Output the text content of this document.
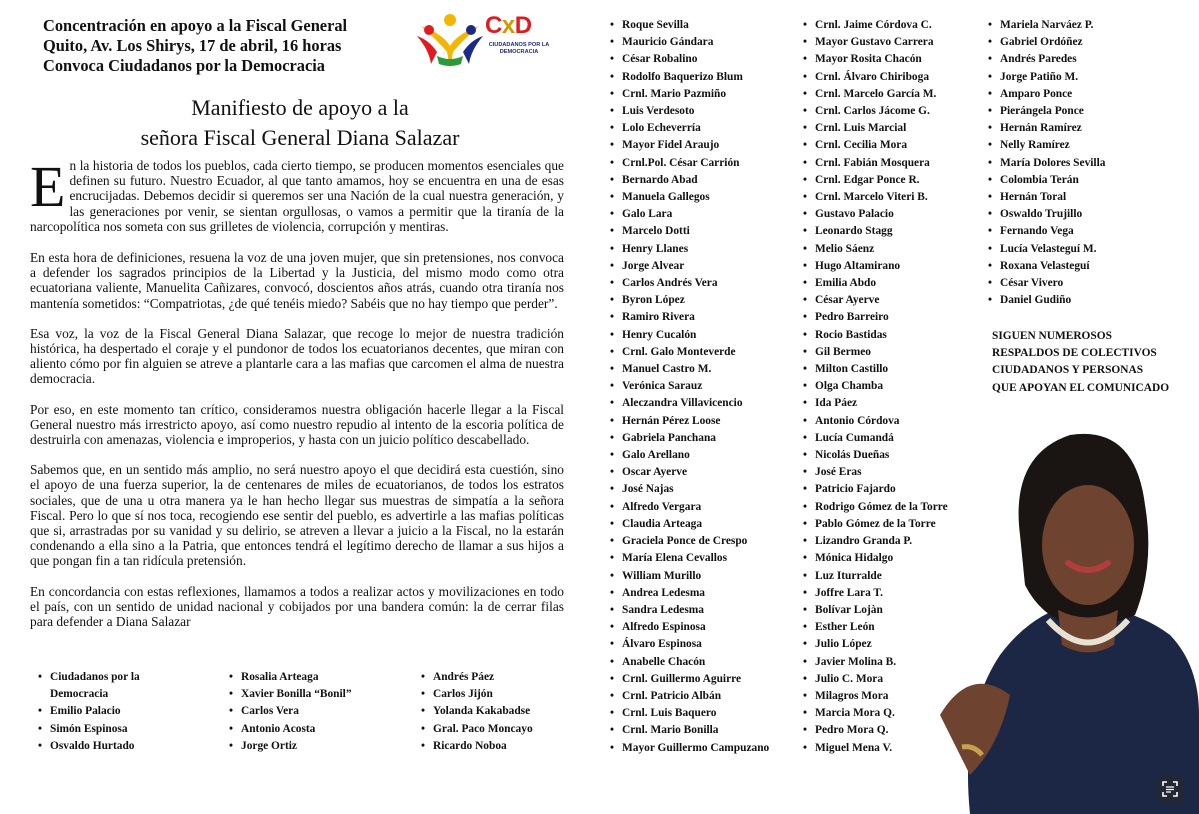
Concentración en apoyo a la Fiscal General
Quito, Av. Los Shirys, 17 de abril, 16 horas
Convoca Ciudadanos por la Democracia
CxD
CIUDADANOS POR LA DEMOCRACIA
Manifiesto de apoyo a la
señora Fiscal General Diana Salazar

En la historia de todos los pueblos, cada cierto tiempo, se producen momentos esenciales que definen su futuro. Nuestro Ecuador, al que tanto amamos, hoy se encuentra en una de esas encrucijadas. Debemos decidir si queremos ser una Nación de la cual nuestra generación, y las generaciones por venir, se sientan orgullosas, o vamos a permitir que la tiranía de la narcopolítica nos someta con sus grilletes de violencia, corrupción y mentiras.

En esta hora de definiciones, resuena la voz de una joven mujer, que sin pretensiones, nos convoca a defender los sagrados principios de la Libertad y la Justicia, del mismo modo como otra ecuatoriana valiente, Manuelita Cañizares, convocó, doscientos años atrás, cuando otra tiranía nos mantenía sometidos: “Compatriotas, ¿de qué tenéis miedo? Sabéis que no hay tiempo que perder”.

Esa voz, la voz de la Fiscal General Diana Salazar, que recoge lo mejor de nuestra tradición histórica, ha despertado el coraje y el pundonor de todos los ecuatorianos decentes, que miran con aliento cómo por fin alguien se atreve a plantarle cara a las mafias que carcomen el alma de nuestra democracia.

Por eso, en este momento tan crítico, consideramos nuestra obligación hacerle llegar a la Fiscal General nuestro más irrestricto apoyo, así como nuestro repudio al intento de la escoria política de destruirla con amenazas, violencia e improperios, y hasta con un juicio político descabellado.

Sabemos que, en un sentido más amplio, no será nuestro apoyo el que decidirá esta cuestión, sino el apoyo de una fuerza superior, la de centenares de miles de ecuatorianos, de todos los estratos sociales, que de una u otra manera ya le han hecho llegar sus muestras de simpatía a la señora Fiscal. Pero lo que sí nos toca, recogiendo ese sentir del pueblo, es advertirle a las mafias políticas que si, arrastradas por su vanidad y su delirio, se atreven a llevar a juicio a la Fiscal, no la estarán condenando a ella sino a la Patria, que entonces tendrá el legítimo derecho de llamar a sus hijos a que pongan fin a tan ridícula pretensión.

En concordancia con estas reflexiones, llamamos a todos a realizar actos y movilizaciones en todo el país, con un sentido de unidad nacional y cobijados por una bandera común: la de cerrar filas para defender a Diana Salazar

• Ciudadanos por la
Democracia
• Emilio Palacio
• Simón Espinosa
• Osvaldo Hurtado
• Rosalia Arteaga
• Xavier Bonilla “Bonil”
• Carlos Vera
• Antonio Acosta
• Jorge Ortiz
• Andrés Páez
• Carlos Jijón
• Yolanda Kakabadse
• Gral. Paco Moncayo
• Ricardo Noboa
• Roque Sevilla
• Mauricio Gándara
• César Robalino
• Rodolfo Baquerizo Blum
• Crnl. Mario Pazmiño
• Luis Verdesoto
• Lolo Echeverría
• Mayor Fidel Araujo
• Crnl.Pol. César Carrión
• Bernardo Abad
• Manuela Gallegos
• Galo Lara
• Marcelo Dotti
• Henry Llanes
• Jorge Alvear
• Carlos Andrés Vera
• Byron López
• Ramiro Rivera
• Henry Cucalón
• Crnl. Galo Monteverde
• Manuel Castro M.
• Verónica Sarauz
• Aleczandra Villavicencio
• Hernán Pérez Loose
• Gabriela Panchana
• Galo Arellano
• Oscar Ayerve
• José Najas
• Alfredo Vergara
• Claudia Arteaga
• Graciela Ponce de Crespo
• María Elena Cevallos
• William Murillo
• Andrea Ledesma
• Sandra Ledesma
• Alfredo Espinosa
• Álvaro Espinosa
• Anabelle Chacón
• Crnl. Guillermo Aguirre
• Crnl. Patricio Albán
• Crnl. Luis Baquero
• Crnl. Mario Bonilla
• Mayor Guillermo Campuzano
• Crnl. Jaime Córdova C.
• Mayor Gustavo Carrera
• Mayor Rosita Chacón
• Crnl. Álvaro Chiriboga
• Crnl. Marcelo García M.
• Crnl. Carlos Jácome G.
• Crnl. Luis Marcial
• Crnl. Cecilia Mora
• Crnl. Fabián Mosquera
• Crnl. Edgar Ponce R.
• Crnl. Marcelo Viteri B.
• Gustavo Palacio
• Leonardo Stagg
• Melio Sáenz
• Hugo Altamirano
• Emilia Abdo
• César Ayerve
• Pedro Barreiro
• Rocio Bastidas
• Gil Bermeo
• Milton Castillo
• Olga Chamba
• Ida Páez
• Antonio Córdova
• Lucía Cumandá
• Nicolás Dueñas
• José Eras
• Patricio Fajardo
• Rodrigo Gómez de la Torre
• Pablo Gómez de la Torre
• Lizandro Granda P.
• Mónica Hidalgo
• Luz Iturralde
• Joffre Lara T.
• Bolívar Lojàn
• Esther León
• Julio López
• Javier Molina B.
• Julio C. Mora
• Milagros Mora
• Marcia Mora Q.
• Pedro Mora Q.
• Miguel Mena V.
• Mariela Narváez P.
• Gabriel Ordóñez
• Andrés Paredes
• Jorge Patiño M.
• Amparo Ponce
• Pierángela Ponce
• Hernán Ramírez
• Nelly Ramírez
• María Dolores Sevilla
• Colombia Terán
• Hernán Toral
• Oswaldo Trujillo
• Fernando Vega
• Lucía Velasteguí M.
• Roxana Velasteguí
• César Vivero
• Daniel Gudiño
SIGUEN NUMEROSOS
RESPALDOS DE COLECTIVOS
CIUDADANOS Y PERSONAS
QUE APOYAN EL COMUNICADO
